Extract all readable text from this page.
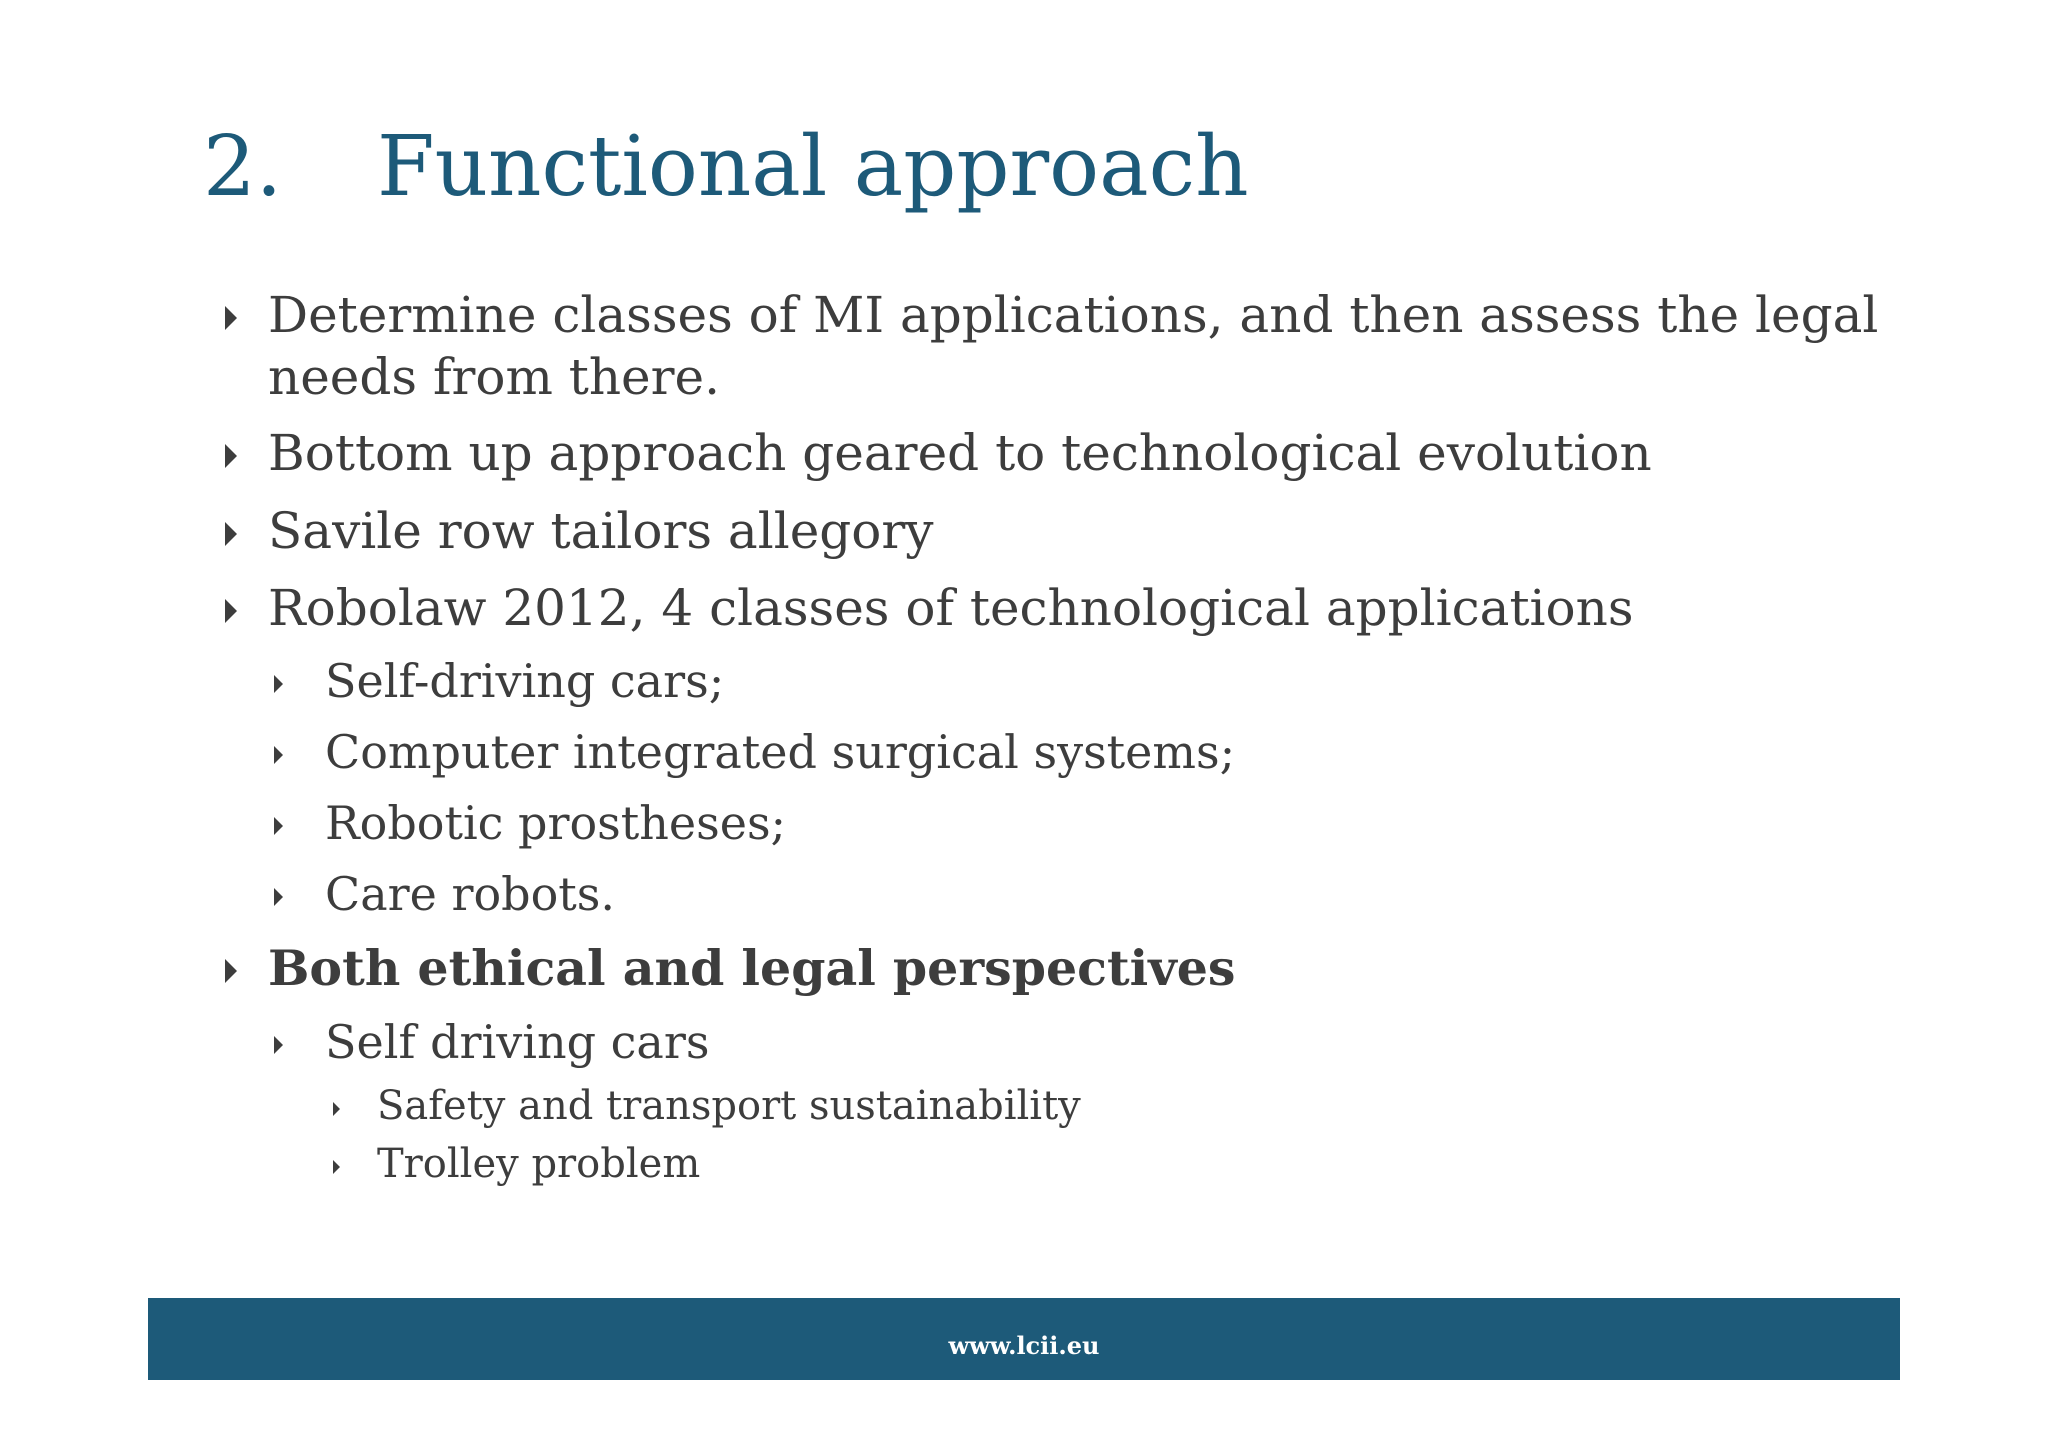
2. Functional approach
Determine classes of MI applications, and then assess the legal
needs from there.
Bottom up approach geared to technological evolution
Savile row tailors allegory
Robolaw 2012, 4 classes of technological applications
Self-driving cars;
Computer integrated surgical systems;
Robotic prostheses;
Care robots.
Both ethical and legal perspectives
Self driving cars
Safety and transport sustainability
Trolley problem
www.lcii.eu
